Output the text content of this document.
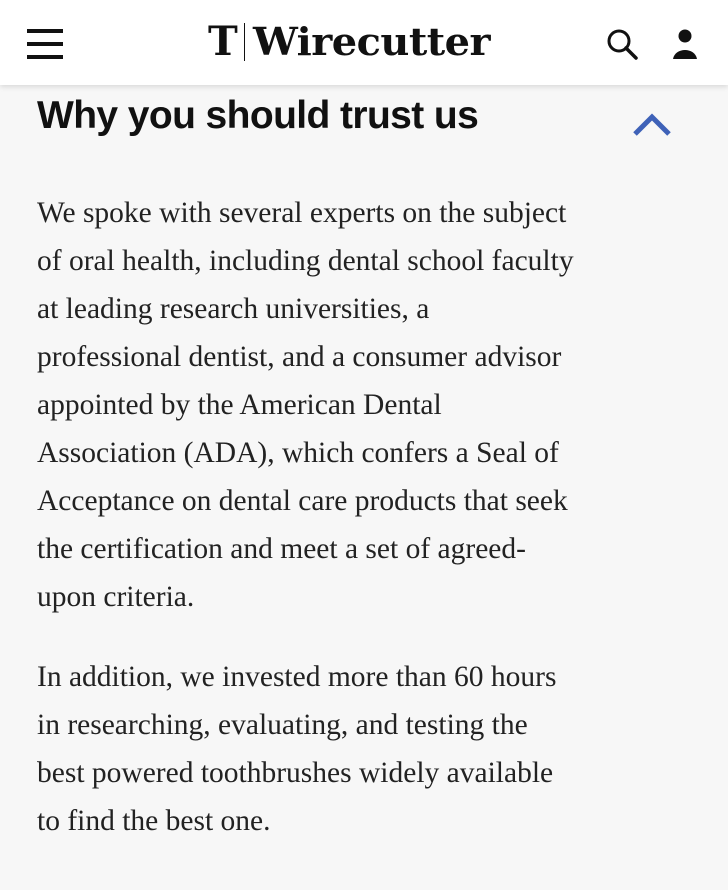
T Wirecutter
Why you should trust us
We spoke with several experts on the subject
of oral health, including dental school faculty
at leading research universities, a
professional dentist, and a consumer advisor
appointed by the American Dental
Association (ADA), which confers a Seal of
Acceptance on dental care products that seek
the certification and meet a set of agreed-
upon criteria.
In addition, we invested more than 60 hours
in researching, evaluating, and testing the
best powered toothbrushes widely available
to find the best one.
